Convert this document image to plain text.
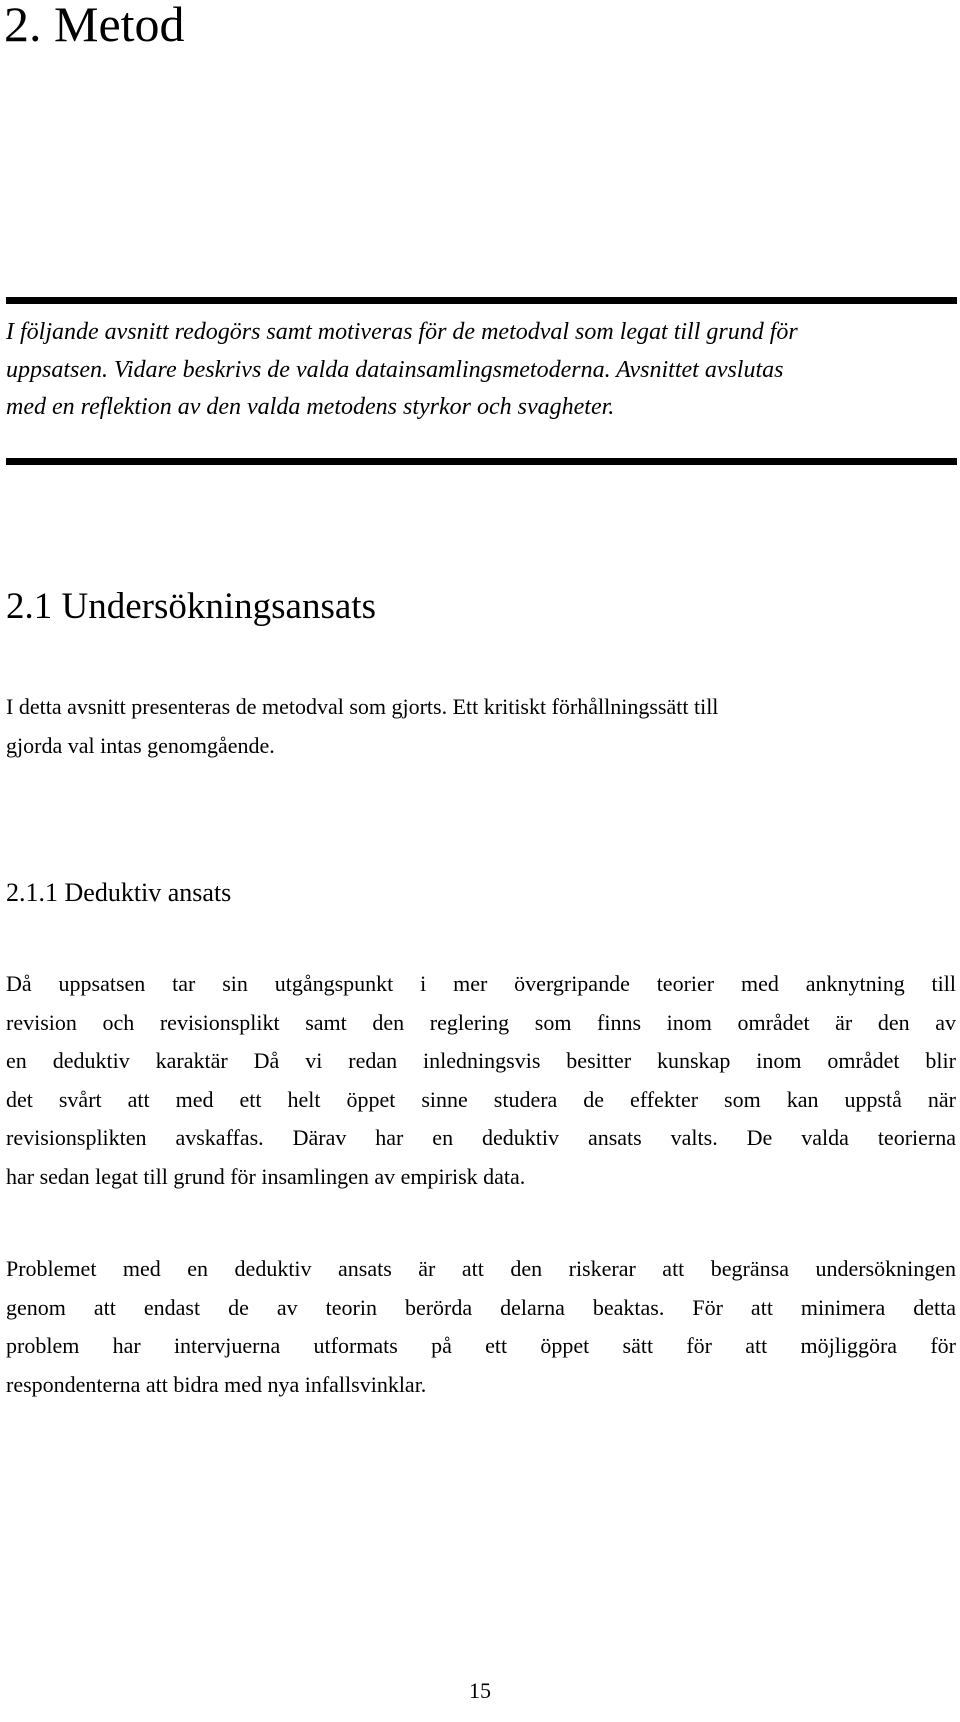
2. Metod

I följande avsnitt redogörs samt motiveras för de metodval som legat till grund för
uppsatsen. Vidare beskrivs de valda datainsamlingsmetoderna. Avsnittet avslutas
med en reflektion av den valda metodens styrkor och svagheter.

2.1 Undersökningsansats

I detta avsnitt presenteras de metodval som gjorts. Ett kritiskt förhållningssätt till
gjorda val intas genomgående.

2.1.1 Deduktiv ansats

Då uppsatsen tar sin utgångspunkt i mer övergripande teorier med anknytning till
revision och revisionsplikt samt den reglering som finns inom området är den av
en deduktiv karaktär Då vi redan inledningsvis besitter kunskap inom området blir
det svårt att med ett helt öppet sinne studera de effekter som kan uppstå när
revisionsplikten avskaffas. Därav har en deduktiv ansats valts. De valda teorierna
har sedan legat till grund för insamlingen av empirisk data.

Problemet med en deduktiv ansats är att den riskerar att begränsa undersökningen
genom att endast de av teorin berörda delarna beaktas. För att minimera detta
problem har intervjuerna utformats på ett öppet sätt för att möjliggöra för
respondenterna att bidra med nya infallsvinklar.

15
